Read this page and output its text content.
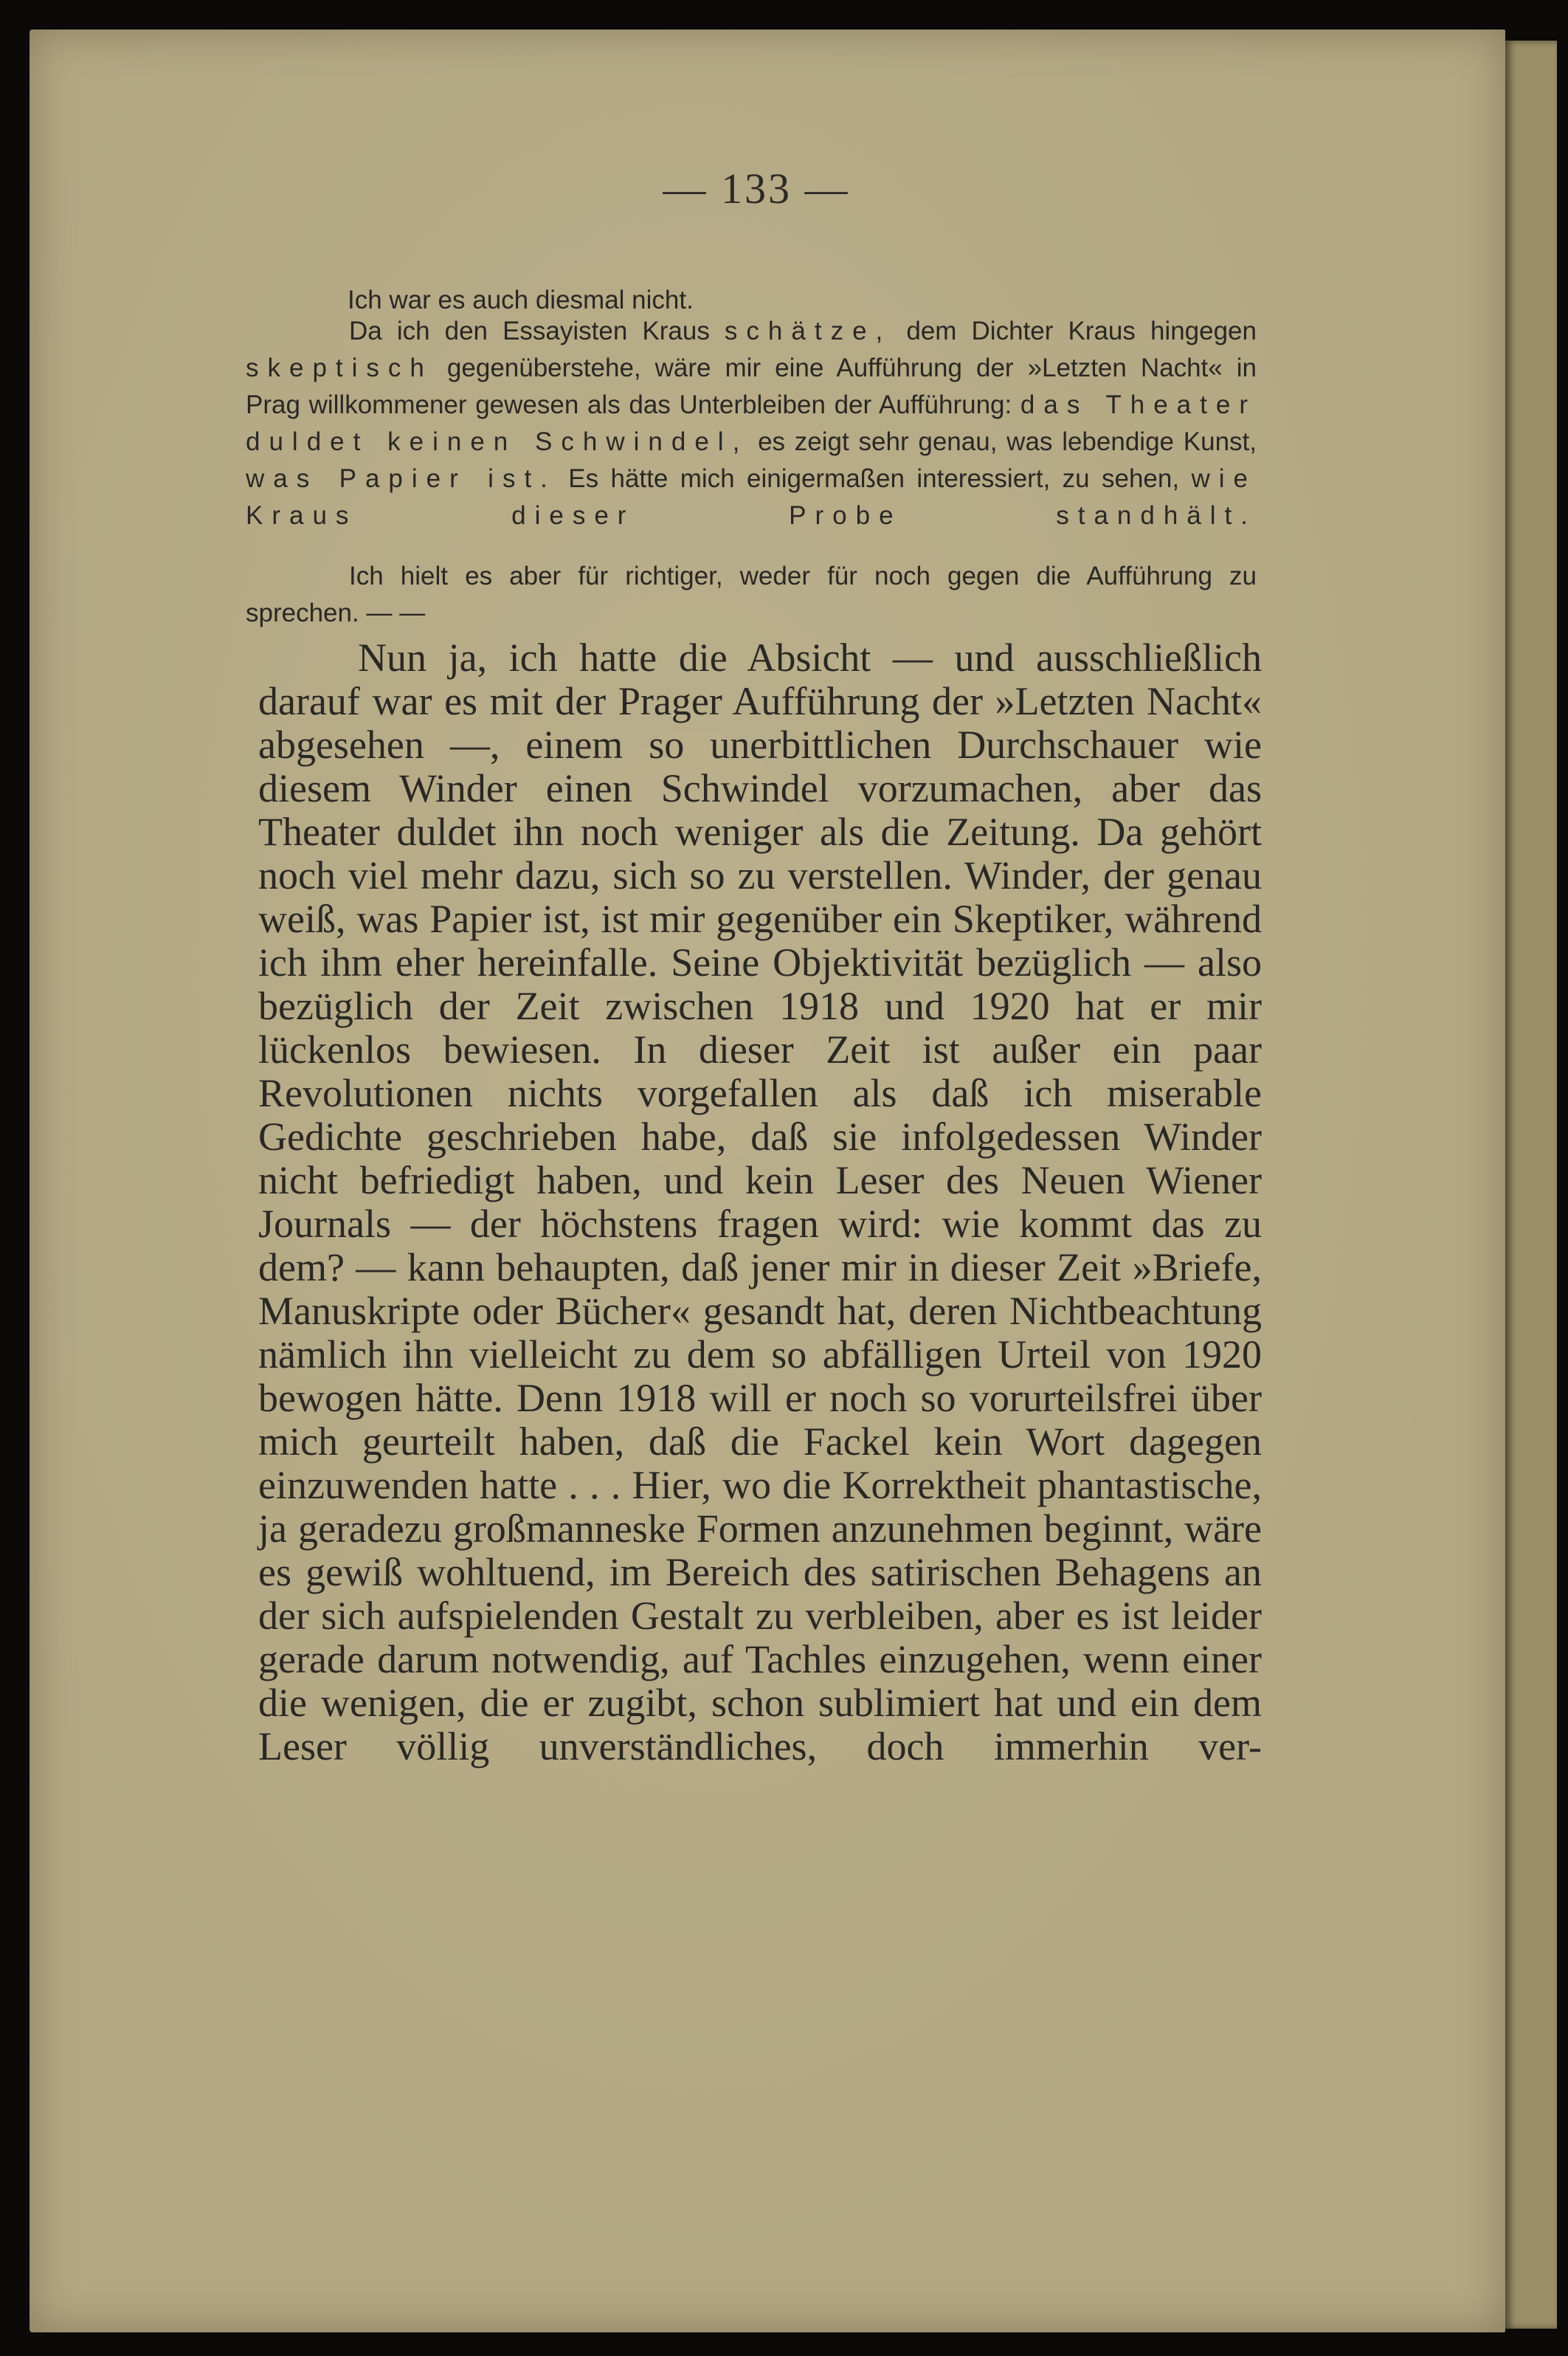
— 133 —

Ich war es auch diesmal nicht.

Da ich den Essayisten Kraus schätze, dem Dichter Kraus hingegen skeptisch gegenüberstehe, wäre mir eine Aufführung der »Letzten Nacht« in Prag willkommener gewesen als das Unterbleiben der Aufführung: das Theater duldet keinen Schwindel, es zeigt sehr genau, was lebendige Kunst, was Papier ist. Es hätte mich einigermaßen interessiert, zu sehen, wie Kraus dieser Probe standhält.

Ich hielt es aber für richtiger, weder für noch gegen die Aufführung zu sprechen. — —

Nun ja, ich hatte die Absicht — und ausschließlich darauf war es mit der Prager Aufführung der »Letzten Nacht« abgesehen —, einem so unerbittlichen Durchschauer wie diesem Winder einen Schwindel vorzumachen, aber das Theater duldet ihn noch weniger als die Zeitung. Da gehört noch viel mehr dazu, sich so zu verstellen. Winder, der genau weiß, was Papier ist, ist mir gegenüber ein Skeptiker, während ich ihm eher hereinfalle. Seine Objektivität bezüglich — also bezüglich der Zeit zwischen 1918 und 1920 hat er mir lückenlos bewiesen. In dieser Zeit ist außer ein paar Revolutionen nichts vorgefallen als daß ich miserable Gedichte geschrieben habe, daß sie infolgedessen Winder nicht befriedigt haben, und kein Leser des Neuen Wiener Journals — der höchstens fragen wird: wie kommt das zu dem? — kann behaupten, daß jener mir in dieser Zeit »Briefe, Manuskripte oder Bücher« gesandt hat, deren Nichtbeachtung nämlich ihn vielleicht zu dem so abfälligen Urteil von 1920 bewogen hätte. Denn 1918 will er noch so vorurteilsfrei über mich geurteilt haben, daß die Fackel kein Wort dagegen einzuwenden hatte . . . Hier, wo die Korrektheit phantastische, ja geradezu großmanneske Formen anzunehmen beginnt, wäre es gewiß wohltuend, im Bereich des satirischen Behagens an der sich aufspielenden Gestalt zu verbleiben, aber es ist leider gerade darum notwendig, auf Tachles einzugehen, wenn einer die wenigen, die er zugibt, schon sublimiert hat und ein dem Leser völlig unverständliches, doch immerhin ver-
